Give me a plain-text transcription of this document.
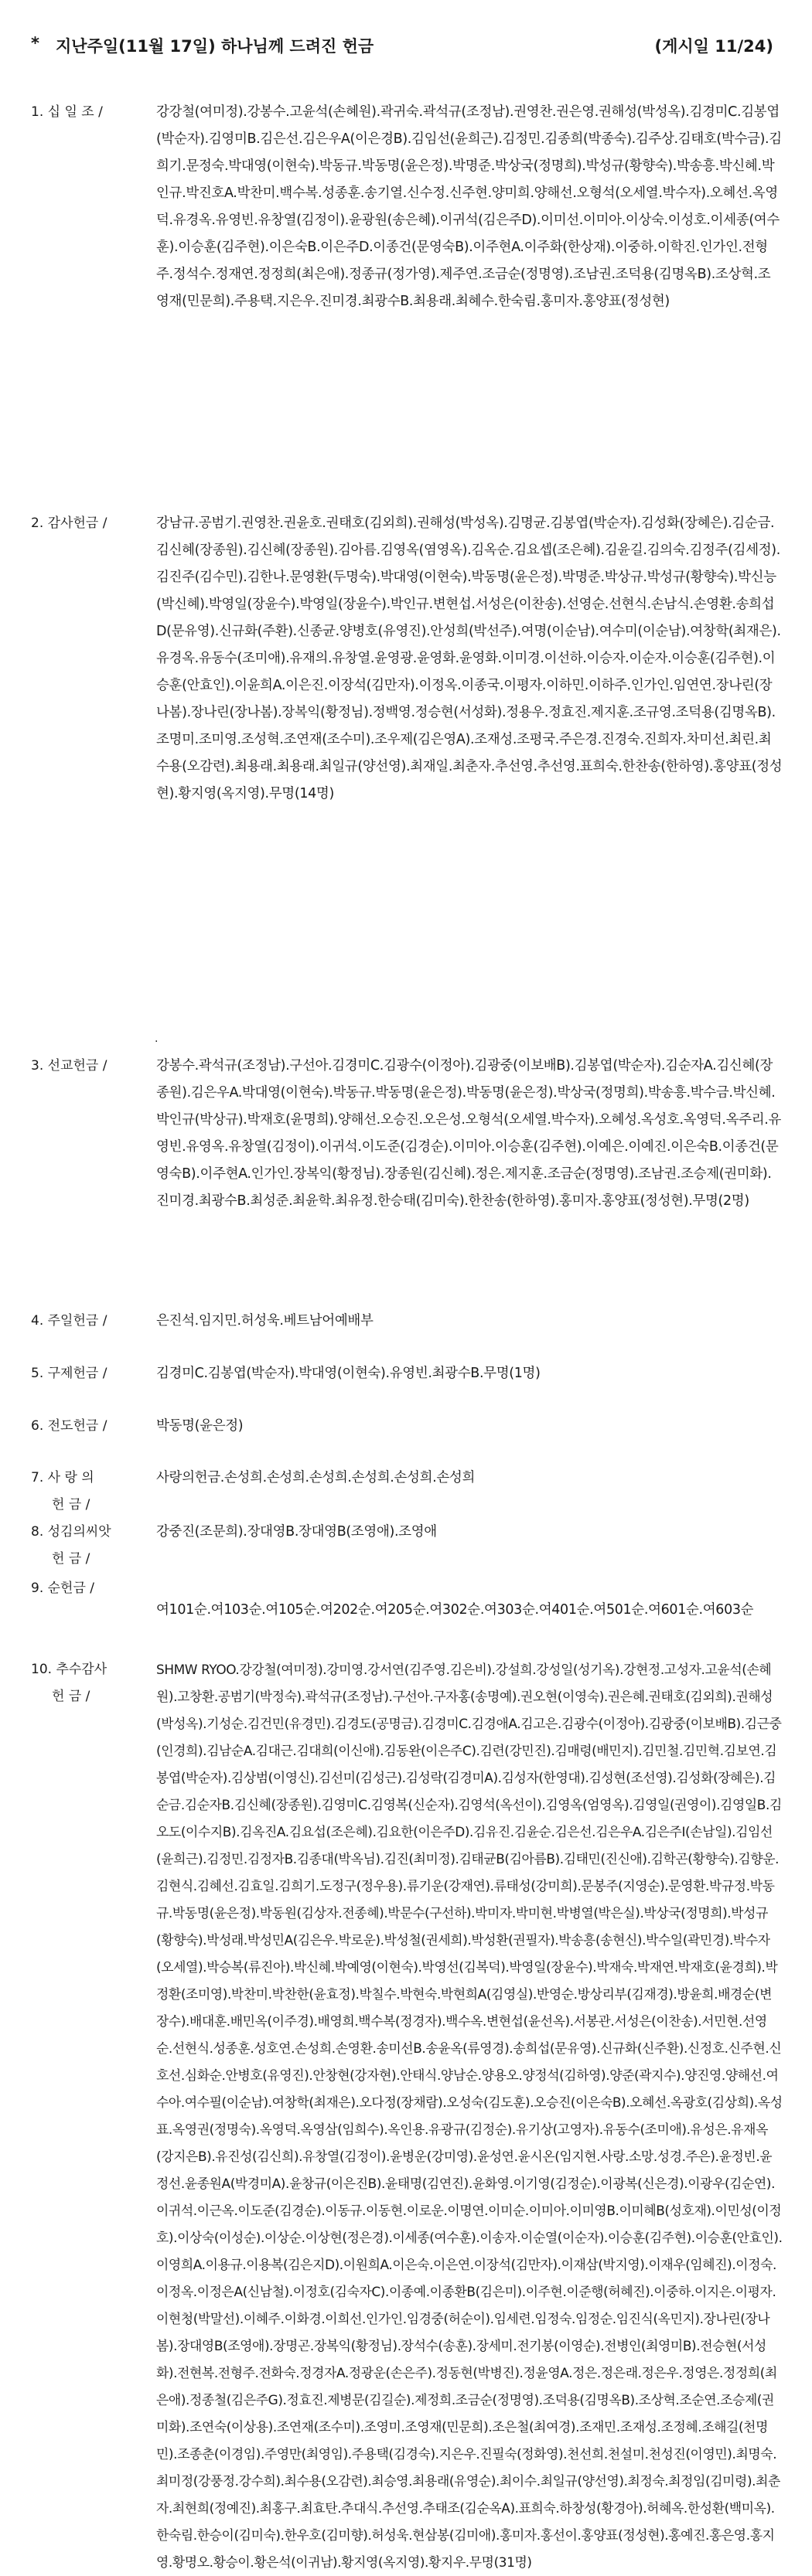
* 지난주일(11월 17일) 하나님께 드려진 헌금	(게시일 11/24)
1. 십 일 조 /	강강철(여미정).강봉수.고윤석(손혜원).곽귀숙.곽석규(조정남).권영찬.권은영.권해성(박성옥).김경미C.김봉엽(박순자).김영미B.김은선.김은우A(이은경B).김임선(윤희근).김정민.김종희(박종숙).김주상.김태호(박수금).김희기.문정숙.박대영(이현숙).박동규.박동명(윤은정).박명준.박상국(정명희).박성규(황향숙).박송흥.박신혜.박인규.박진호A.박찬미.백수복.성종훈.송기열.신수정.신주현.양미희.양해선.오형석(오세열.박수자).오혜선.옥영덕.유경옥.유영빈.유창열(김정이).윤광원(송은혜).이귀석(김은주D).이미선.이미아.이상숙.이성호.이세종(여수훈).이승훈(김주현).이은숙B.이은주D.이종건(문영숙B).이주현A.이주화(한상재).이중하.이학진.인가인.전형주.정석수.정재연.정정희(최은애).정종규(정가영).제주연.조금순(정명영).조남권.조덕용(김명옥B).조상혁.조영재(민문희).주용택.지은우.진미경.최광수B.최용래.최혜수.한숙림.홍미자.홍양표(정성현)
2. 감사헌금 /	강남규.공범기.권영찬.권윤호.권태호(김외희).권해성(박성옥).김명균.김봉엽(박순자).김성화(장혜은).김순금.김신혜(장종원).김신혜(장종원).김아름.김영옥(염영옥).김옥순.김요셉(조은혜).김윤길.김의숙.김정주(김세정).김진주(김수민).김한나.문영환(두명숙).박대영(이현숙).박동명(윤은정).박명준.박상규.박성규(황향숙).박신능(박신혜).박영일(장윤수).박영일(장윤수).박인규.변현섭.서성은(이찬송).선영순.선현식.손남식.손영환.송희섭D(문유영).신규화(주환).신종균.양병호(유영진).안성희(박선주).여명(이순남).여수미(이순남).여창학(최재은).유경옥.유동수(조미애).유재의.유창열.윤영광.윤영화.윤영화.이미경.이선하.이승자.이순자.이승훈(김주현).이승훈(안효인).이윤희A.이은진.이장석(김만자).이정옥.이종국.이평자.이하민.이하주.인가인.임연연.장나린(장나봄).장나린(장나봄).장복익(황정님).정백영.정승현(서성화).정용우.정효진.제지훈.조규영.조덕용(김명옥B).조명미.조미영.조성혁.조연재(조수미).조우제(김은영A).조재성.조평국.주은경.진경숙.진희자.차미선.최린.최수용(오감련).최용래.최용래.최일규(양선영).최재일.최춘자.추선영.추선영.표희숙.한찬송(한하영).홍양표(정성현).황지영(옥지영).무명(14명)
·
3. 선교헌금 /	강봉수.곽석규(조정남).구선아.김경미C.김광수(이정아).김광중(이보배B).김봉엽(박순자).김순자A.김신혜(장종원).김은우A.박대영(이현숙).박동규.박동명(윤은정).박동명(윤은정).박상국(정명희).박송흥.박수금.박신혜.박인규(박상규).박재호(윤명희).양해선.오승진.오은성.오형석(오세열.박수자).오혜성.옥성호.옥영덕.옥주리.유영빈.유영옥.유창열(김정이).이귀석.이도준(김경순).이미아.이승훈(김주현).이예은.이예진.이은숙B.이종건(문영숙B).이주현A.인가인.장복익(황정님).장종원(김신혜).정은.제지훈.조금순(정명영).조남권.조승제(권미화).진미경.최광수B.최성준.최윤학.최유정.한승태(김미숙).한찬송(한하영).홍미자.홍양표(정성현).무명(2명)
4. 주일헌금 /	은진석.임지민.허성욱.베트남어예배부
5. 구제헌금 /	김경미C.김봉엽(박순자).박대영(이현숙).유영빈.최광수B.무명(1명)
6. 전도헌금 /	박동명(윤은정)
7. 사 랑 의
헌 금 /
사랑의헌금.손성희.손성희.손성희.손성희.손성희.손성희
8. 성김의씨앗
헌 금 /
강중진(조문희).장대영B.장대영B(조영애).조영애
9. 순헌금 /
여101순.여103순.여105순.여202순.여205순.여302순.여303순.여401순.여501순.여601순.여603순
10. 추수감사
헌 금 /
SHMW RYOO.강강철(여미정).강미영.강서연(김주영.김은비).강설희.강성일(성기옥).강현정.고성자.고윤석(손혜원).고창환.공범기(박정숙).곽석규(조정남).구선아.구자홍(송명예).권오현(이영숙).권은혜.권태호(김외희).권해성(박성옥).기성순.김건민(유경민).김경도(공명금).김경미C.김경애A.김고은.김광수(이정아).김광중(이보배B).김근중(인경희).김남순A.김대근.김대희(이신애).김동완(이은주C).김련(강민진).김매령(배민지).김민철.김민혁.김보연.김봉엽(박순자).김상범(이영신).김선미(김성근).김성락(김경미A).김성자(한영대).김성현(조선영).김성화(장혜은).김순금.김순자B.김신혜(장종원).김영미C.김영복(신순자).김영석(옥선이).김영옥(엄영옥).김영일(권영이).김영일B.김오도(이수지B).김옥진A.김요섭(조은혜).김요한(이은주D).김유진.김윤순.김은선.김은우A.김은주I(손남일).김임선(윤희근).김정민.김정자B.김종대(박옥님).김진(최미정).김태균B(김아름B).김태민(진신애).김학곤(황향숙).김향운.김현식.김혜선.김효일.김희기.도정구(정우용).류기운(강재연).류태성(강미희).문봉주(지영순).문영환.박규정.박동규.박동명(윤은정).박동원(김상자.전종혜).박문수(구선하).박미자.박미현.박병열(박은실).박상국(정명희).박성규(황향숙).박성래.박성민A(김은우.박로운).박성철(권세희).박성환(권필자).박송흥(송현신).박수일(곽민경).박수자(오세열).박승복(류진아).박신혜.박예영(이현숙).박영선(김복덕).박영일(장윤수).박재숙.박재연.박재호(윤경희).박정환(조미영).박찬미.박찬한(윤효정).박칠수.박현숙.박현희A(김영실).반영순.방상리부(김재경).방윤희.배경순(변장수).배대훈.배민옥(이주경).배영희.백수복(정경자).백수옥.변현섭(윤선옥).서봉관.서성은(이찬송).서민현.선영순.선현식.성종훈.성호연.손성희.손영환.송미선B.송윤옥(류영경).송희섭(문유영).신규화(신주환).신정호.신주현.신호선.심화순.안병호(유영진).안창현(강자현).안태식.양남순.양용오.양정석(김하영).양준(곽지수).양진영.양해선.여수아.여수필(이순남).여창학(최재은).오다정(장채람).오성숙(김도훈).오승진(이은숙B).오혜선.옥광호(김상희).옥성표.옥영권(정명숙).옥영덕.옥영삼(임희수).옥인용.유광규(김정순).유기상(고영자).유동수(조미애).유성은.유재옥(강지은B).유진성(김신희).유창열(김정이).윤병운(강미영).윤성연.윤시온(임지현.사랑.소망.성경.주은).윤정빈.윤정선.윤종원A(박경미A).윤창규(이은진B).윤태명(김연진).윤화영.이기영(김정순).이광복(신은경).이광우(김순연).이귀석.이근옥.이도준(김경순).이동규.이동현.이로운.이명연.이미순.이미아.이미영B.이미혜B(성호재).이민성(이정호).이상숙(이성순).이상순.이상현(정은경).이세종(여수훈).이송자.이순열(이순자).이승훈(김주현).이승훈(안효인).이영희A.이용규.이용복(김은지D).이원희A.이은숙.이은연.이장석(김만자).이재삼(박지영).이재우(임혜진).이정숙.이정옥.이정은A(신남철).이정호(김숙자C).이종예.이종환B(김은미).이주현.이준행(허혜진).이중하.이지은.이평자.이현청(박말선).이혜주.이화경.이희선.인가인.임경중(허순이).임세련.임정숙.임정순.임진식(옥민지).장나린(장나봄).장대영B(조영애).장명곤.장복익(황정님).장석수(송훈).장세미.전기봉(이영순).전병인(최영미B).전승현(서성화).전현복.전형주.전화숙.정경자A.정광운(손은주).정동현(박병진).정윤영A.정은.정은래.정은우.정영은.정정희(최은애).정종철(김은주G).정효진.제병문(김길순).제정희.조금순(정명영).조덕용(김명옥B).조상혁.조순연.조승제(권미화).조연숙(이상용).조연재(조수미).조영미.조영재(민문희).조은철(최여경).조재민.조재성.조정혜.조해길(천명민).조종춘(이경임).주영만(최영임).주용택(김경숙).지은우.진필숙(정화영).천선희.천설미.천성진(이영민).최명숙.최미정(강풍정.강수희).최수용(오감련).최승영.최용래(유영순).최이수.최일규(양선영).최정숙.최정임(김미령).최춘자.최현희(정예진).최홍구.최효탄.추대식.추선영.추태조(김순옥A).표희숙.하창성(황경아).허혜옥.한성환(백미옥).한숙림.한승이(김미숙).한우호(김미향).허성욱.현삼봉(김미애).홍미자.홍선이.홍양표(정성현).홍예진.홍은영.홍지영.황명오.황승이.황은석(이귀남).황지영(옥지영).황지우.무명(31명)
